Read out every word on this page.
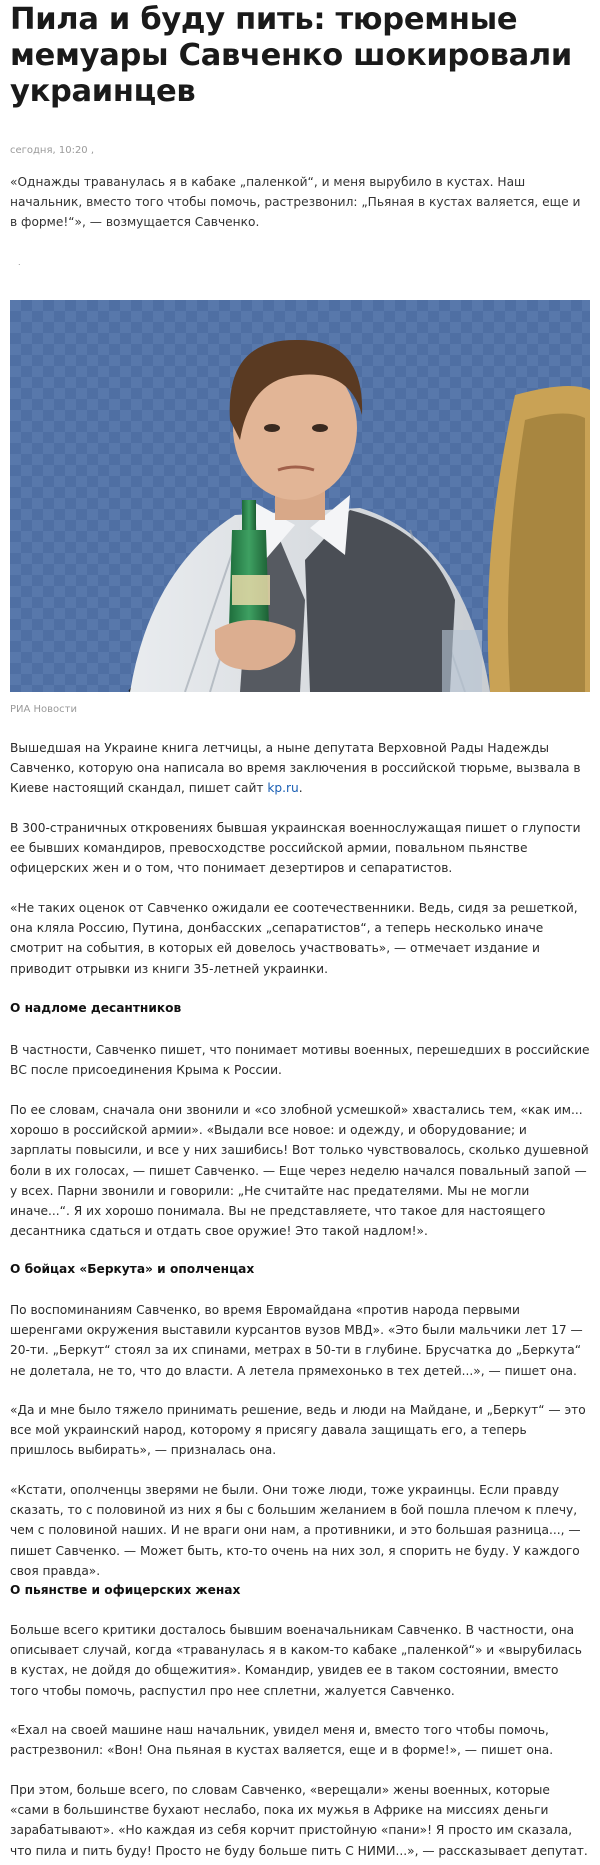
Пила и буду пить: тюремные мемуары Савченко шокировали украинцев
сегодня, 10:20 ,
«Однажды траванулась я в кабаке „паленкой“, и меня вырубило в кустах. Наш начальник, вместо того чтобы помочь, растрезвонил: „Пьяная в кустах валяется, еще и в форме!“», — возмущается Савченко.
.
РИА Новости
Вышедшая на Украине книга летчицы, а ныне депутата Верховной Рады Надежды Савченко, которую она написала во время заключения в российской тюрьме, вызвала в Киеве настоящий скандал, пишет сайт kp.ru.
В 300-страничных откровениях бывшая украинская военнослужащая пишет о глупости ее бывших командиров, превосходстве российской армии, повальном пьянстве офицерских жен и о том, что понимает дезертиров и сепаратистов.
«Не таких оценок от Савченко ожидали ее соотечественники. Ведь, сидя за решеткой, она кляла Россию, Путина, донбасских „сепаратистов“, а теперь несколько иначе смотрит на события, в которых ей довелось участвовать», — отмечает издание и приводит отрывки из книги 35-летней украинки.
О надломе десантников
В частности, Савченко пишет, что понимает мотивы военных, перешедших в российские ВС после присоединения Крыма к России.
По ее словам, сначала они звонили и «со злобной усмешкой» хвастались тем, «как им... хорошо в российской армии». «Выдали все новое: и одежду, и оборудование; и зарплаты повысили, и все у них зашибись! Вот только чувствовалось, сколько душевной боли в их голосах, — пишет Савченко. — Еще через неделю начался повальный запой — у всех. Парни звонили и говорили: „Не считайте нас предателями. Мы не могли иначе...“. Я их хорошо понимала. Вы не представляете, что такое для настоящего десантника сдаться и отдать свое оружие! Это такой надлом!».
О бойцах «Беркута» и ополченцах
По воспоминаниям Савченко, во время Евромайдана «против народа первыми шеренгами окружения выставили курсантов вузов МВД». «Это были мальчики лет 17 — 20-ти. „Беркут“ стоял за их спинами, метрах в 50-ти в глубине. Брусчатка до „Беркута“ не долетала, не то, что до власти. А летела прямехонько в тех детей...», — пишет она.
«Да и мне было тяжело принимать решение, ведь и люди на Майдане, и „Беркут“ — это все мой украинский народ, которому я присягу давала защищать его, а теперь пришлось выбирать», — призналась она.
«Кстати, ополченцы зверями не были. Они тоже люди, тоже украинцы. Если правду сказать, то с половиной из них я бы с большим желанием в бой пошла плечом к плечу, чем с половиной наших. И не враги они нам, а противники, и это большая разница..., — пишет Савченко. — Может быть, кто-то очень на них зол, я спорить не буду. У каждого своя правда».
О пьянстве и офицерских женах
Больше всего критики досталось бывшим военачальникам Савченко. В частности, она описывает случай, когда «траванулась я в каком-то кабаке „паленкой“» и «вырубилась в кустах, не дойдя до общежития». Командир, увидев ее в таком состоянии, вместо того чтобы помочь, распустил про нее сплетни, жалуется Савченко.
«Ехал на своей машине наш начальник, увидел меня и, вместо того чтобы помочь, растрезвонил: «Вон! Она пьяная в кустах валяется, еще и в форме!», — пишет она.
При этом, больше всего, по словам Савченко, «верещали» жены военных, которые «сами в большинстве бухают неслабо, пока их мужья в Африке на миссиях деньги зарабатывают». «Но каждая из себя корчит пристойную «пани»! Я просто им сказала, что пила и пить буду! Просто не буду больше пить С НИМИ...», — рассказывает депутат.
